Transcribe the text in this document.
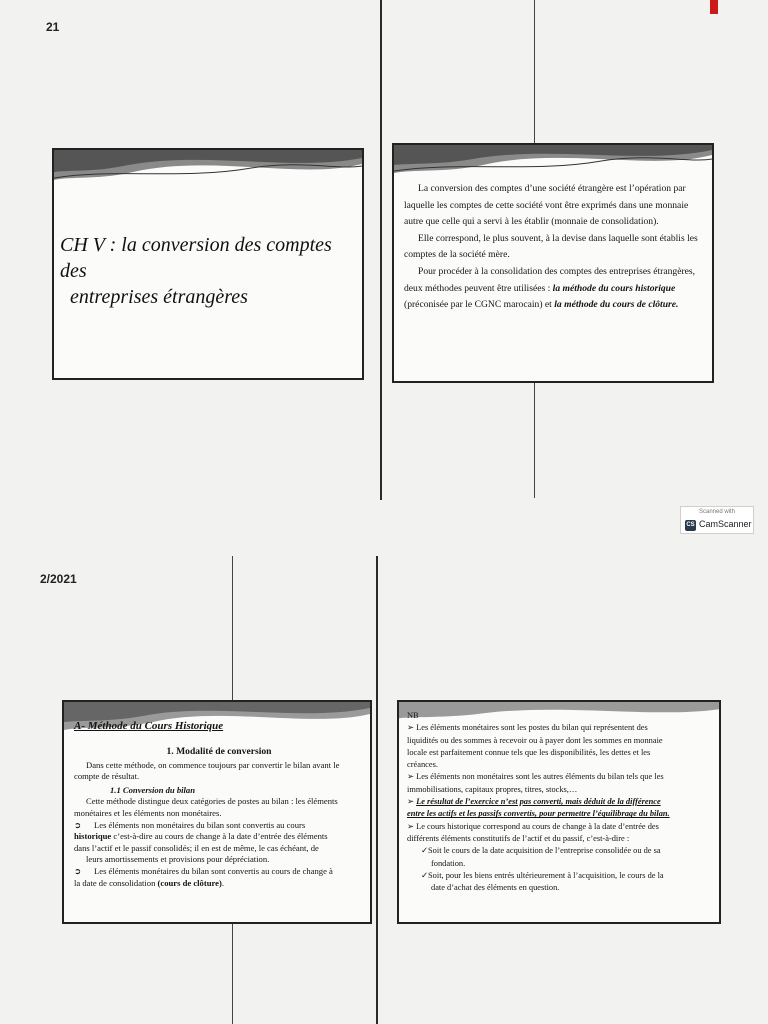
21
2/2021
CH V : la conversion des comptes des
entreprises étrangères

La conversion des comptes d’une société étrangère est l’opération par

laquelle les comptes de cette société vont être exprimés dans une monnaie

autre que celle qui a servi à les établir (monnaie de consolidation).

Elle correspond, le plus souvent, à la devise dans laquelle sont établis les

comptes de la société mère.

Pour procéder à la consolidation des comptes des entreprises étrangères,

deux méthodes peuvent être utilisées : la méthode du cours historique

(préconisée par le CGNC marocain) et la méthode du cours de clôture.

Scanned with
CS CamScanner
A- Méthode du Cours Historique

1. Modalité de conversion

Dans cette méthode, on commence toujours par convertir le bilan avant le

compte de résultat.

1.1 Conversion du bilan

Cette méthode distingue deux catégories de postes au bilan : les éléments

monétaires et les éléments non monétaires.

➲ Les éléments non monétaires du bilan sont convertis au cours

historique c’est-à-dire au cours de change à la date d’entrée des éléments

dans l’actif et le passif consolidés; il en est de même, le cas échéant, de

leurs amortissements et provisions pour dépréciation.

➲ Les éléments monétaires du bilan sont convertis au cours de change à

la date de consolidation (cours de clôture).

NB

➢ Les éléments monétaires sont les postes du bilan qui représentent des

liquidités ou des sommes à recevoir ou à payer dont les sommes en monnaie

locale est parfaitement connue tels que les disponibilités, les dettes et les

créances.

➢ Les éléments non monétaires sont les autres éléments du bilan tels que les

immobilisations, capitaux propres, titres, stocks,…

➢ Le résultat de l’exercice n’est pas converti, mais déduit de la différence

entre les actifs et les passifs convertis, pour permettre l’équilibrage du bilan.

➢ Le cours historique correspond au cours de change à la date d’entrée des

différents éléments constitutifs de l’actif et du passif, c’est-à-dire :

✓Soit le cours de la date acquisition de l’entreprise consolidée ou de sa

fondation.

✓Soit, pour les biens entrés ultérieurement à l’acquisition, le cours de la

date d’achat des éléments en question.
